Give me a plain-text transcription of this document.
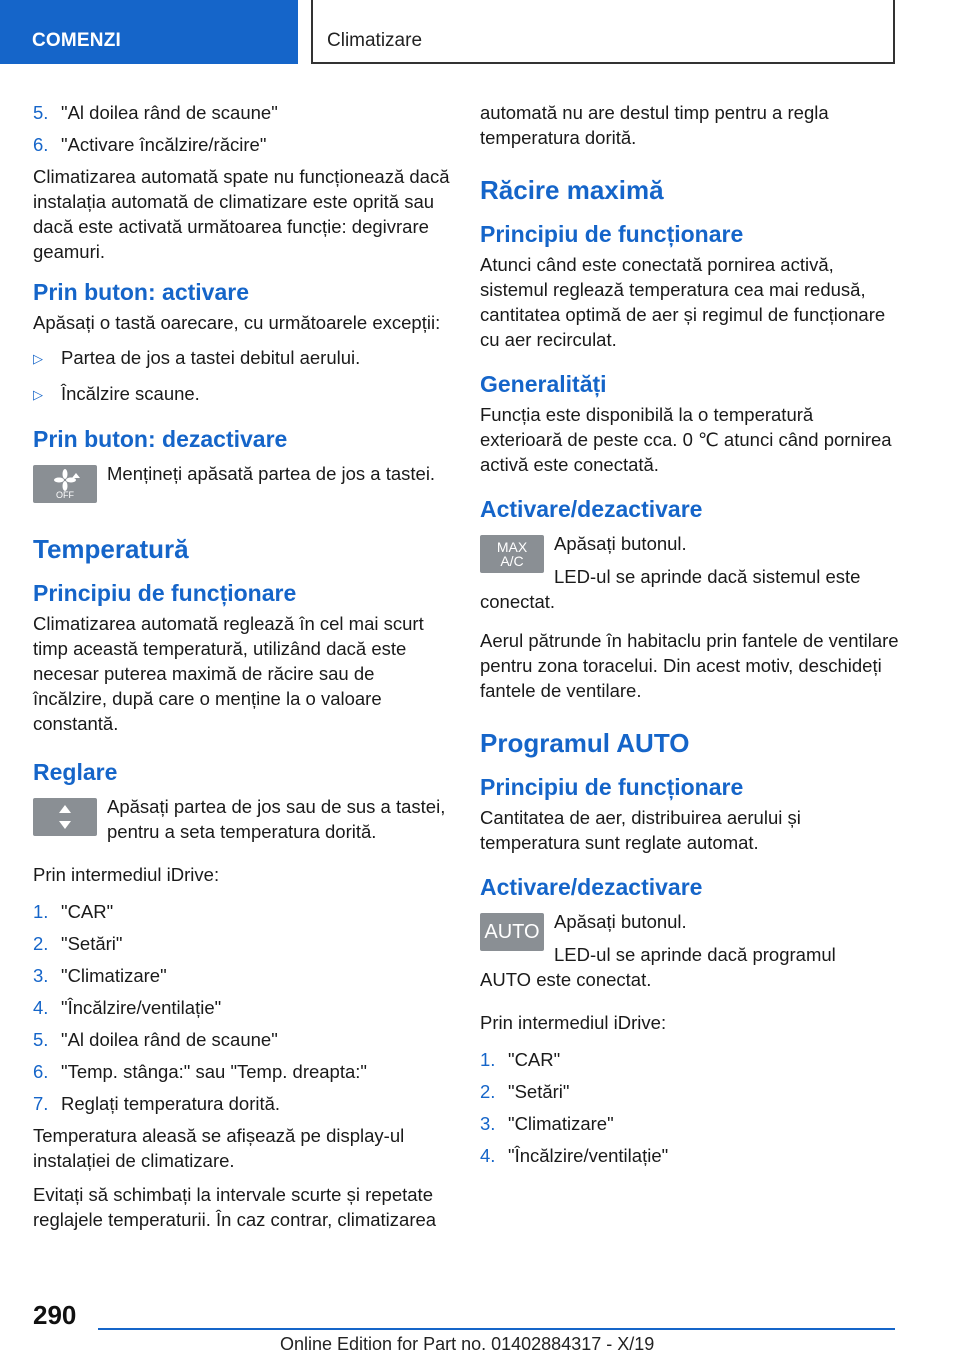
COMENZI	Climatizare
5. "Al doilea rând de scaune"
6. "Activare încălzire/răcire"

Climatizarea automată spate nu funcționează dacă instalația automată de climatizare este oprită sau dacă este activată următoarea funcție: degivrare geamuri.

Prin buton: activare

Apăsați o tastă oarecare, cu următoarele excepții:

▷ Partea de jos a tastei debitul aerului.
▷ Încălzire scaune.
Prin buton: dezactivare
OFF
Mențineți apăsată partea de jos a tastei.
Temperatură
Principiu de funcționare

Climatizarea automată reglează în cel mai scurt timp această temperatură, utilizând dacă este necesar puterea maximă de răcire sau de încălzire, după care o menține la o valoare constantă.

Reglare
Apăsați partea de jos sau de sus a tastei, pentru a seta temperatura dorită.

Prin intermediul iDrive:

1. "CAR"
2. "Setări"
3. "Climatizare"
4. "Încălzire/ventilație"
5. "Al doilea rând de scaune"
6. "Temp. stânga:" sau "Temp. dreapta:"
7. Reglați temperatura dorită.

Temperatura aleasă se afișează pe display-ul instalației de climatizare.

Evitați să schimbați la intervale scurte și repetate reglajele temperaturii. În caz contrar, climatizarea

automată nu are destul timp pentru a regla temperatura dorită.

Răcire maximă
Principiu de funcționare

Atunci când este conectată pornirea activă, sistemul reglează temperatura cea mai redusă, cantitatea optimă de aer și regimul de funcționare cu aer recirculat.

Generalități

Funcția este disponibilă la o temperatură exterioară de peste cca. 0 ℃ atunci când pornirea activă este conectată.

Activare/dezactivare
MAX
A/C
Apăsați butonul.
LED-ul se aprinde dacă sistemul este

conectat.

Aerul pătrunde în habitaclu prin fantele de ventilare pentru zona toracelui. Din acest motiv, deschideți fantele de ventilare.

Programul AUTO
Principiu de funcționare

Cantitatea de aer, distribuirea aerului și temperatura sunt reglate automat.

Activare/dezactivare
AUTO Apăsați butonul.
LED-ul se aprinde dacă programul

AUTO este conectat.

Prin intermediul iDrive:

1. "CAR"
2. "Setări"
3. "Climatizare"
4. "Încălzire/ventilație"
290
Online Edition for Part no. 01402884317 - X/19
